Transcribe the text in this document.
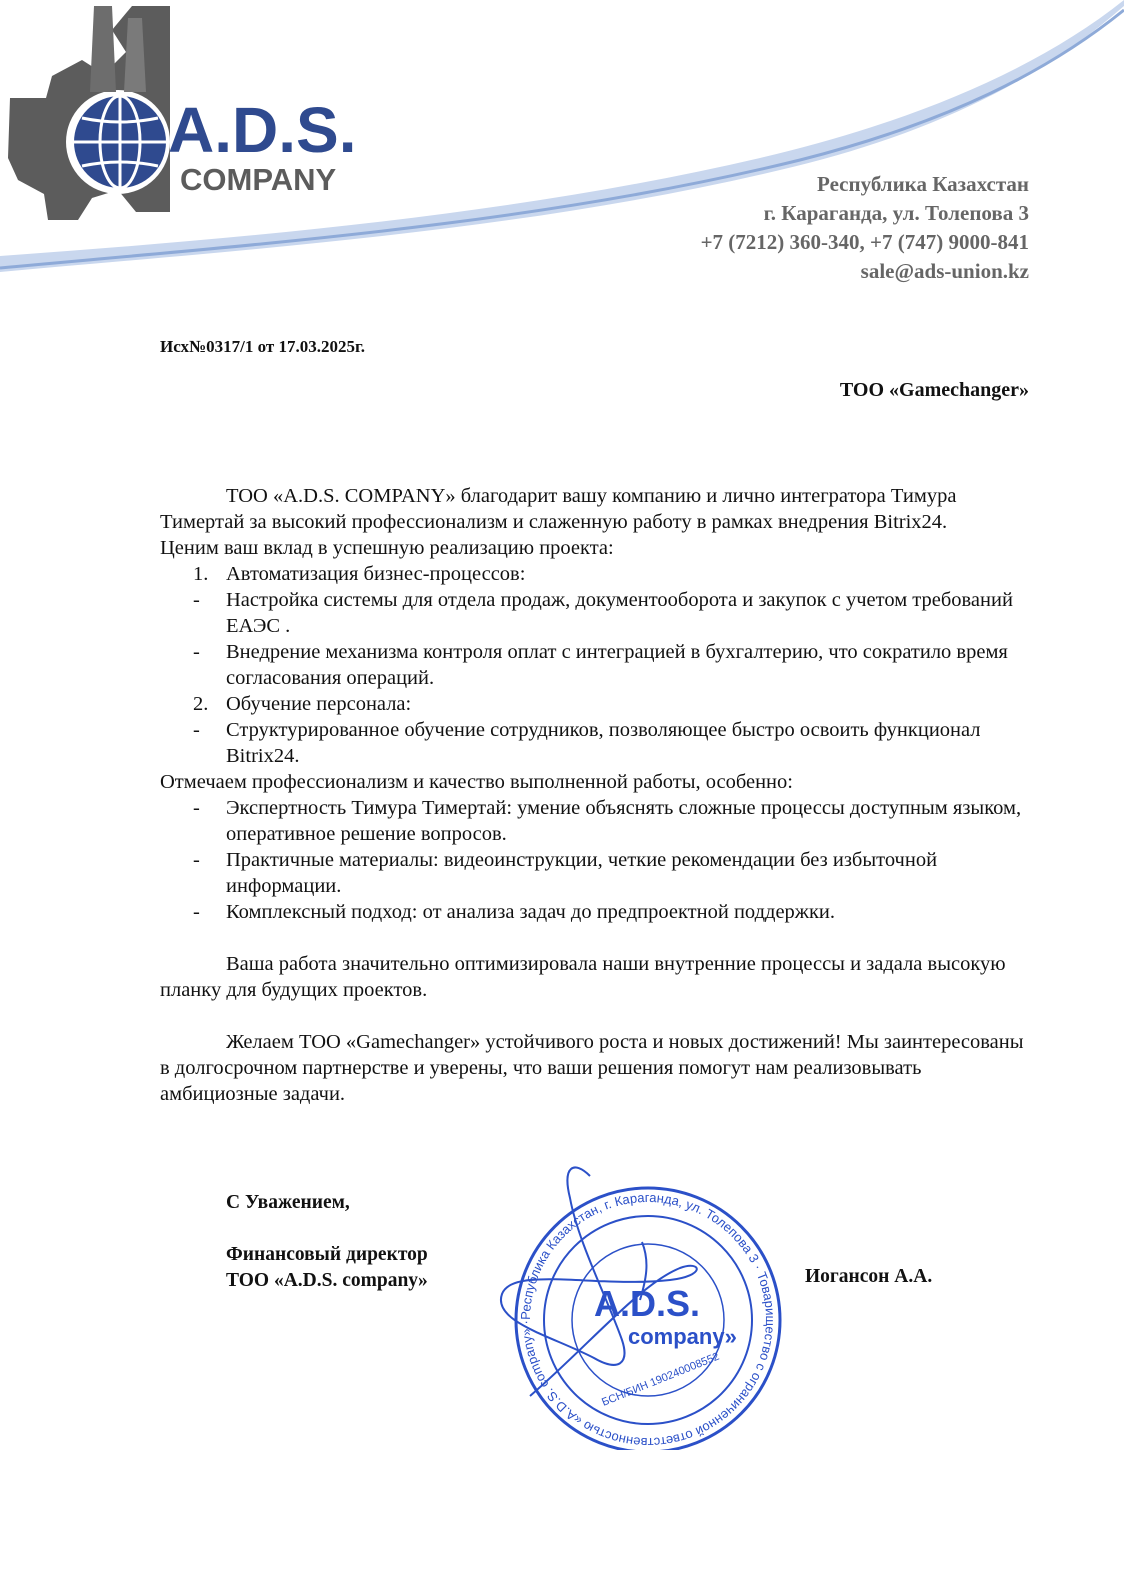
A.D.S.
COMPANY	Республика Казахстан
г. Караганда, ул. Толепова 3
+7 (7212) 360-340, +7 (747) 9000-841
sale@ads-union.kz
Исх№0317/1 от 17.03.2025г.
ТОО «Gamechanger»

ТОО «A.D.S. COMPANY» благодарит вашу компанию и лично интегратора Тимура Тимертай за высокий профессионализм и слаженную работу в рамках внедрения Bitrix24.

Ценим ваш вклад в успешную реализацию проекта:

1. Автоматизация бизнес-процессов:
- Настройка системы для отдела продаж, документооборота и закупок с учетом требований ЕАЭС .
- Внедрение механизма контроля оплат с интеграцией в бухгалтерию, что сократило время согласования операций.
2. Обучение персонала:
- Структурированное обучение сотрудников, позволяющее быстро освоить функционал Bitrix24.

Отмечаем профессионализм и качество выполненной работы, особенно:

- Экспертность Тимура Тимертай: умение объяснять сложные процессы доступным языком, оперативное решение вопросов.
- Практичные материалы: видеоинструкции, четкие рекомендации без избыточной информации.
- Комплексный подход: от анализа задач до предпроектной поддержки.

Ваша работа значительно оптимизировала наши внутренние процессы и задала высокую планку для будущих проектов.

Желаем ТОО «Gamechanger» устойчивого роста и новых достижений! Мы заинтересованы в долгосрочном партнерстве и уверены, что ваши решения помогут нам реализовывать амбициозные задачи.

С Уважением,
Финансовый директор
ТОО «A.D.S. company»	Иогансон А.А.
Республика Казахстан, г. Караганда, ул. Толепова 3 · Товарищество с ограниченной ответственностью «A.D.S. company» · ЖШС
A.D.S.
company»
БСН/БИН 190240008552
